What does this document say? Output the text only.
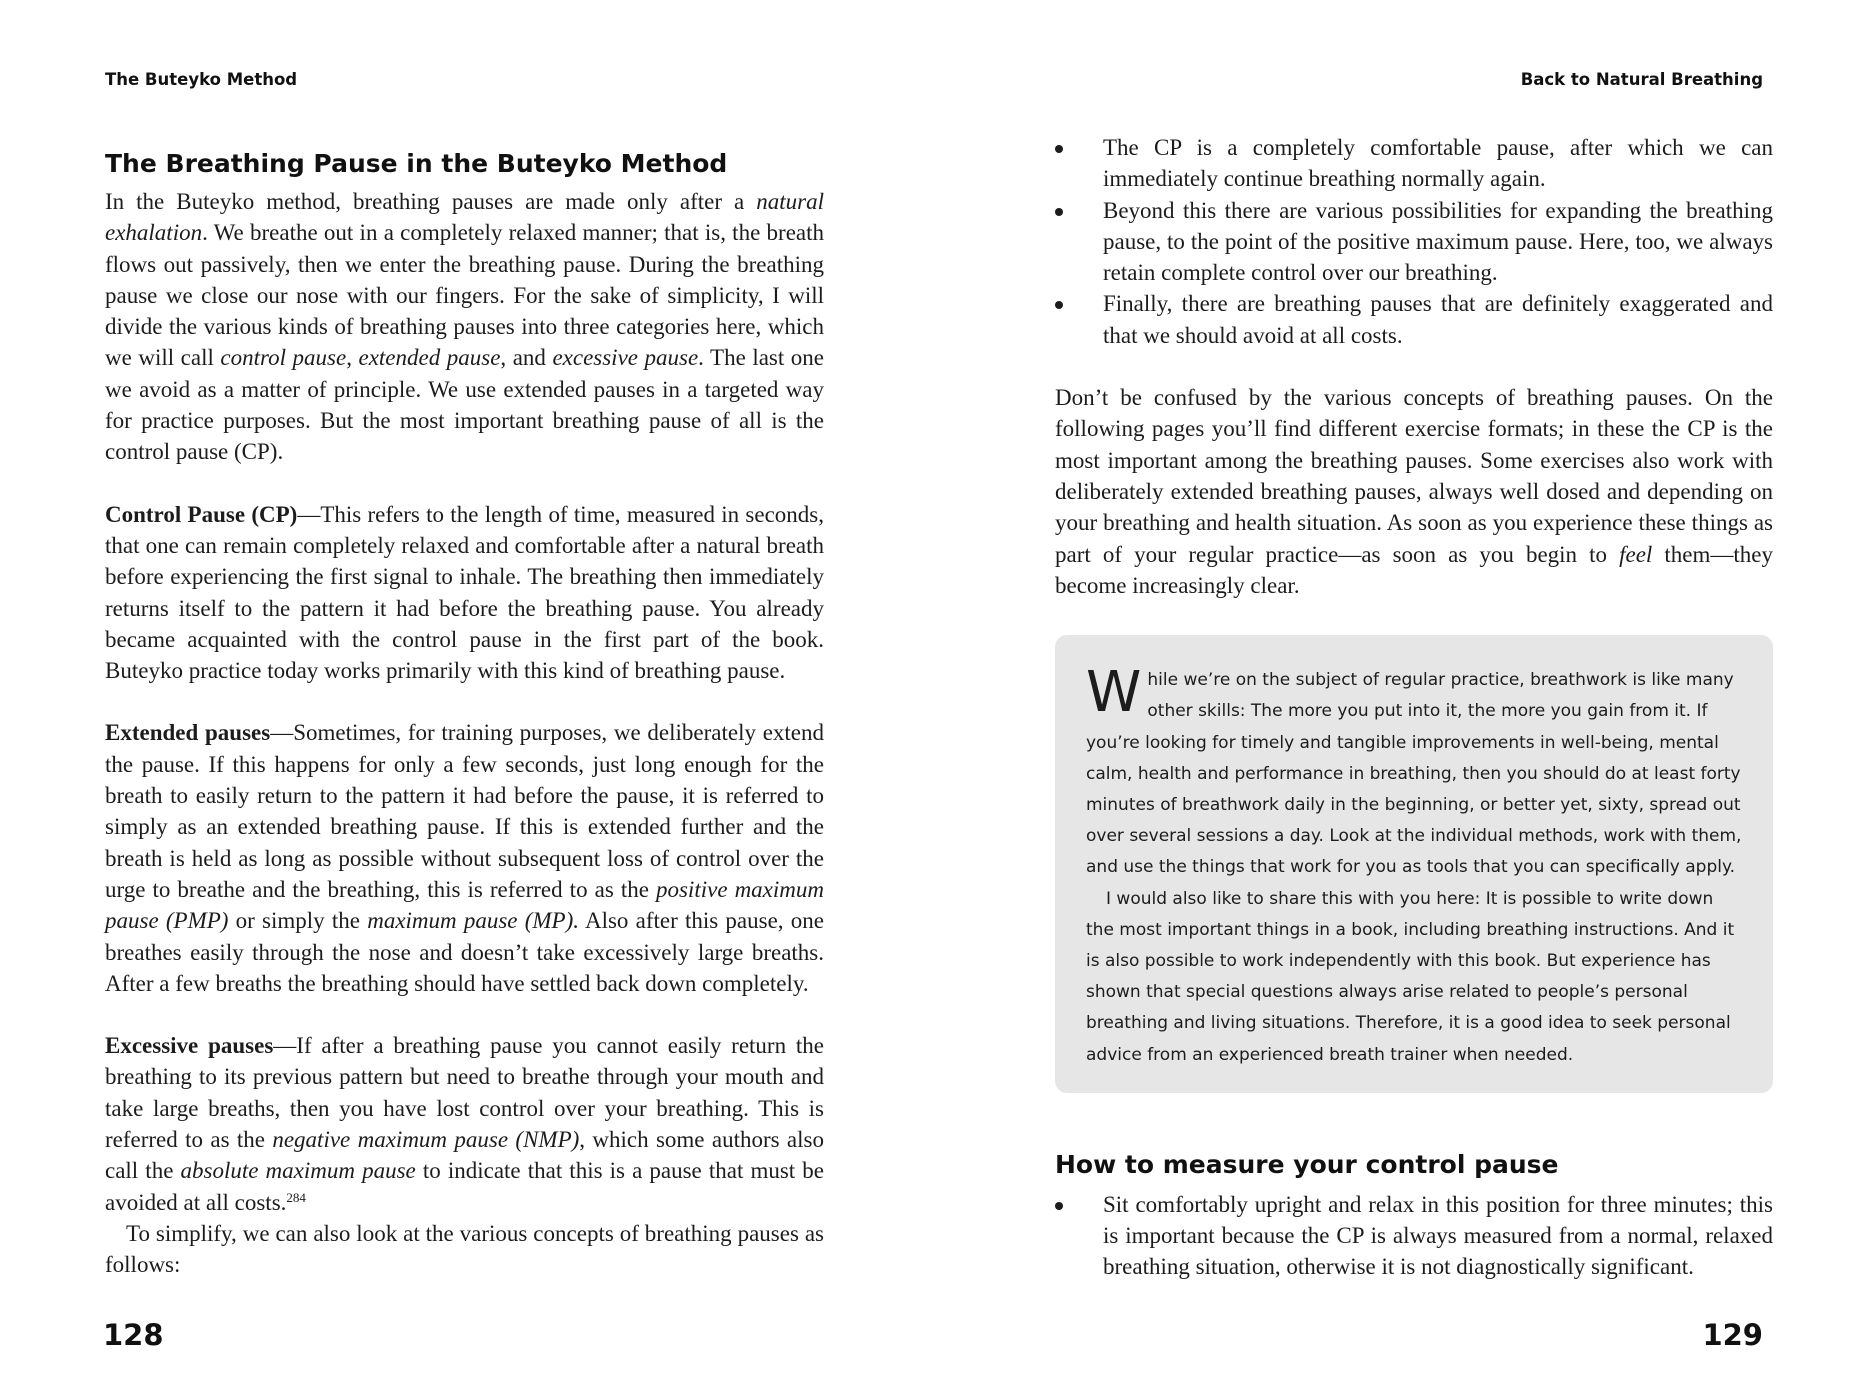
The Buteyko Method
The Breathing Pause in the Buteyko Method

In the Buteyko method, breathing pauses are made only after a natural exhalation. We breathe out in a completely relaxed manner; that is, the breath flows out passively, then we enter the breathing pause. During the breathing pause we close our nose with our fingers. For the sake of simplicity, I will divide the various kinds of breathing pauses into three categories here, which we will call control pause, extended pause, and excessive pause. The last one we avoid as a matter of principle. We use extended pauses in a targeted way for practice purposes. But the most important breathing pause of all is the control pause (CP).

Control Pause (CP)—This refers to the length of time, measured in seconds, that one can remain completely relaxed and comfortable after a natural breath before experiencing the first signal to inhale. The breathing then immediately returns itself to the pattern it had before the breathing pause. You already became acquainted with the control pause in the first part of the book. Buteyko practice today works primarily with this kind of breathing pause.

Extended pauses—Sometimes, for training purposes, we deliberately extend the pause. If this happens for only a few seconds, just long enough for the breath to easily return to the pattern it had before the pause, it is referred to simply as an extended breathing pause. If this is extended further and the breath is held as long as possible without subsequent loss of control over the urge to breathe and the breathing, this is referred to as the positive maximum pause (PMP) or simply the maximum pause (MP). Also after this pause, one breathes easily through the nose and doesn’t take excessively large breaths. After a few breaths the breathing should have settled back down completely.

Excessive pauses—If after a breathing pause you cannot easily return the breathing to its previous pattern but need to breathe through your mouth and take large breaths, then you have lost control over your breathing. This is referred to as the negative maximum pause (NMP), which some authors also call the absolute maximum pause to indicate that this is a pause that must be avoided at all costs.$^{284}$

To simplify, we can also look at the various concepts of breathing pauses as follows:

128
Back to Natural Breathing
The CP is a completely comfortable pause, after which we can immediately continue breathing normally again.
Beyond this there are various possibilities for expanding the breathing pause, to the point of the positive maximum pause. Here, too, we always retain complete control over our breathing.
Finally, there are breathing pauses that are definitely exaggerated and that we should avoid at all costs.

Don’t be confused by the various concepts of breathing pauses. On the following pages you’ll find different exercise formats; in these the CP is the most important among the breathing pauses. Some exercises also work with deliberately extended breathing pauses, always well dosed and depending on your breathing and health situation. As soon as you experience these things as part of your regular practice—as soon as you begin to feel them—they become increasingly clear.

While we’re on the subject of regular practice, breathwork is like many other skills: The more you put into it, the more you gain from it. If you’re looking for timely and tangible improvements in well-being, mental calm, health and performance in breathing, then you should do at least forty minutes of breathwork daily in the beginning, or better yet, sixty, spread out over several sessions a day. Look at the individual methods, work with them, and use the things that work for you as tools that you can specifically apply.

I would also like to share this with you here: It is possible to write down the most important things in a book, including breathing instructions. And it is also possible to work independently with this book. But experience has shown that special questions always arise related to people’s personal breathing and living situations. Therefore, it is a good idea to seek personal advice from an experienced breath trainer when needed.

How to measure your control pause
Sit comfortably upright and relax in this position for three minutes; this is important because the CP is always measured from a normal, relaxed breathing situation, otherwise it is not diagnostically significant.
129
